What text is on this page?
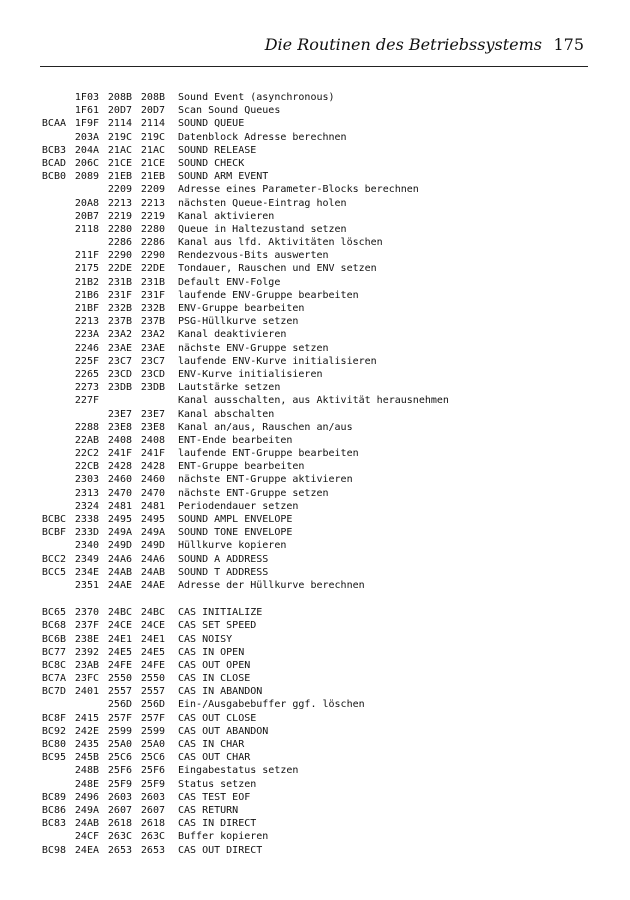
Die Routinen des Betriebssystems 175
1F03 208B 208B Sound Event (asynchronous)
1F61 20D7 20D7 Scan Sound Queues
BCAA 1F9F 2114 2114 SOUND QUEUE
203A 219C 219C Datenblock Adresse berechnen
BCB3 204A 21AC 21AC SOUND RELEASE
BCAD 206C 21CE 21CE SOUND CHECK
BCB0 2089 21EB 21EB SOUND ARM EVENT
2209 2209 Adresse eines Parameter-Blocks berechnen
20A8 2213 2213 nächsten Queue-Eintrag holen
20B7 2219 2219 Kanal aktivieren
2118 2280 2280 Queue in Haltezustand setzen
2286 2286 Kanal aus lfd. Aktivitäten löschen
211F 2290 2290 Rendezvous-Bits auswerten
2175 22DE 22DE Tondauer, Rauschen und ENV setzen
21B2 231B 231B Default ENV-Folge
21B6 231F 231F laufende ENV-Gruppe bearbeiten
21BF 232B 232B ENV-Gruppe bearbeiten
2213 237B 237B PSG-Hüllkurve setzen
223A 23A2 23A2 Kanal deaktivieren
2246 23AE 23AE nächste ENV-Gruppe setzen
225F 23C7 23C7 laufende ENV-Kurve initialisieren
2265 23CD 23CD ENV-Kurve initialisieren
2273 23DB 23DB Lautstärke setzen
227F	Kanal ausschalten, aus Aktivität herausnehmen
23E7 23E7 Kanal abschalten
2288 23E8 23E8 Kanal an/aus, Rauschen an/aus
22AB 2408 2408 ENT-Ende bearbeiten
22C2 241F 241F laufende ENT-Gruppe bearbeiten
22CB 2428 2428 ENT-Gruppe bearbeiten
2303 2460 2460 nächste ENT-Gruppe aktivieren
2313 2470 2470 nächste ENT-Gruppe setzen
2324 2481 2481 Periodendauer setzen
BCBC 2338 2495 2495 SOUND AMPL ENVELOPE
BCBF 233D 249A 249A SOUND TONE ENVELOPE
2340 249D 249D Hüllkurve kopieren
BCC2 2349 24A6 24A6 SOUND A ADDRESS
BCC5 234E 24AB 24AB SOUND T ADDRESS
2351 24AE 24AE Adresse der Hüllkurve berechnen
BC65 2370 24BC 24BC CAS INITIALIZE
BC68 237F 24CE 24CE CAS SET SPEED
BC6B 238E 24E1 24E1 CAS NOISY
BC77 2392 24E5 24E5 CAS IN OPEN
BC8C 23AB 24FE 24FE CAS OUT OPEN
BC7A 23FC 2550 2550 CAS IN CLOSE
BC7D 2401 2557 2557 CAS IN ABANDON
256D 256D Ein-/Ausgabebuffer ggf. löschen
BC8F 2415 257F 257F CAS OUT CLOSE
BC92 242E 2599 2599 CAS OUT ABANDON
BC80 2435 25A0 25A0 CAS IN CHAR
BC95 245B 25C6 25C6 CAS OUT CHAR
248B 25F6 25F6 Eingabestatus setzen
248E 25F9 25F9 Status setzen
BC89 2496 2603 2603 CAS TEST EOF
BC86 249A 2607 2607 CAS RETURN
BC83 24AB 2618 2618 CAS IN DIRECT
24CF 263C 263C Buffer kopieren
BC98 24EA 2653 2653 CAS OUT DIRECT
